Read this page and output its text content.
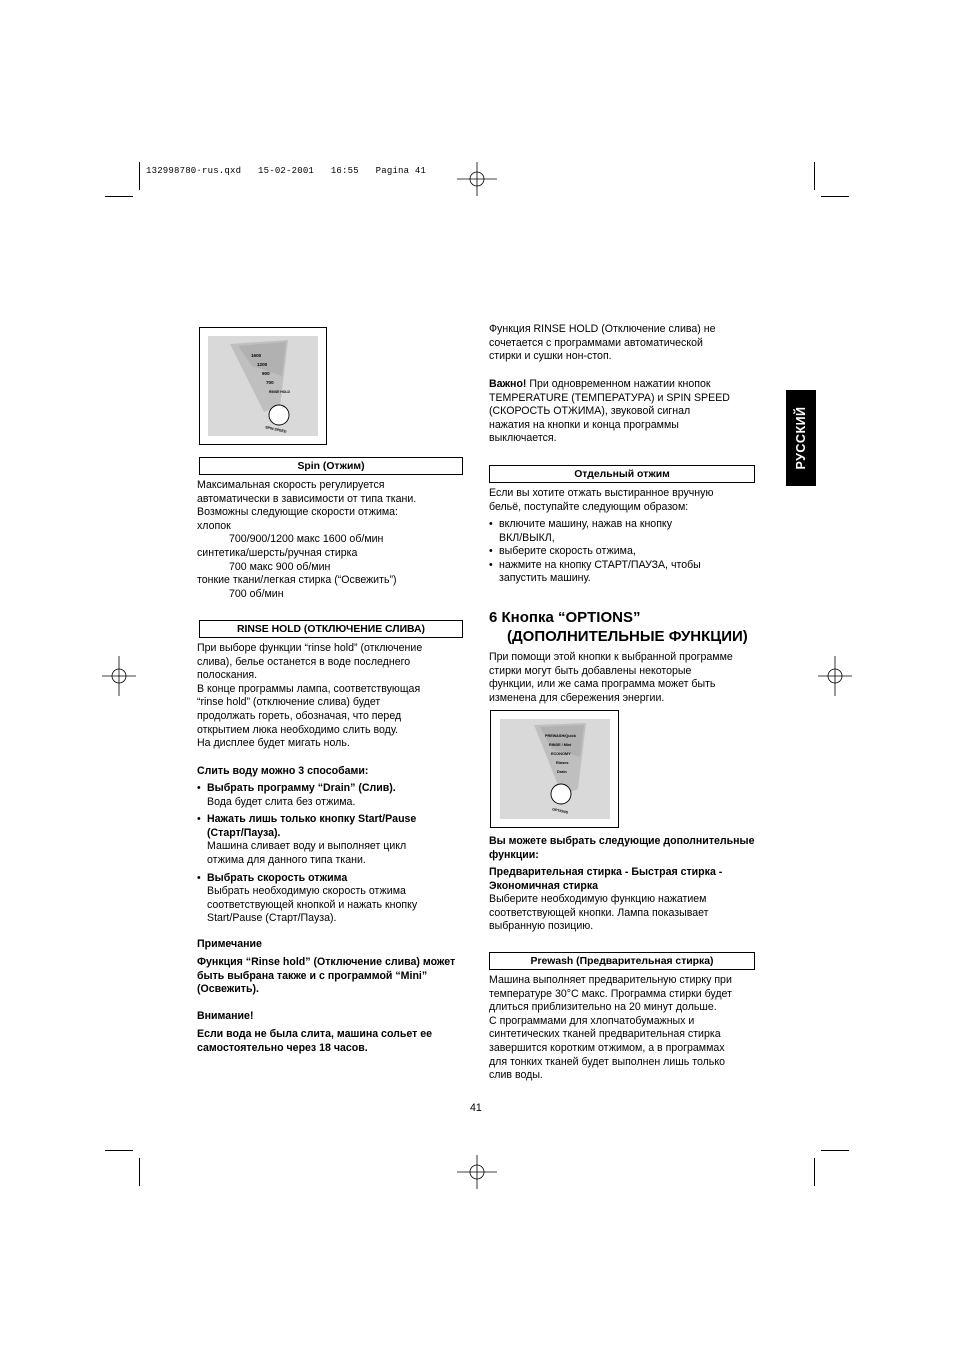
132998780·rus.qxd   15-02-2001   16:55   Pagina 41
РУССКИЙ
1600
1200
900
700
RINSE HOLD
SPIN SPEED
Spin (Отжим)

Максимальная скорость регулируется

автоматически в зависимости от типа ткани.

Возможны следующие скорости отжима:

хлопок

700/900/1200 макс 1600 об/мин

синтетика/шерсть/ручная стирка

700 макс 900 об/мин

тонкие ткани/легкая стирка (“Освежить”)

700 об/мин

RINSE HOLD (ОТКЛЮЧЕНИЕ СЛИВА)

При выборе функции “rinse hold” (отключение

слива), белье останется в воде последнего

полоскания.

В конце программы лампа, соответствующая

“rinse hold” (отключение слива) будет

продолжать гореть, обозначая, что перед

открытием люка необходимо слить воду.

На дисплее будет мигать ноль.

Слить воду можно 3 способами:
• Выбрать программу “Drain” (Слив).
Вода будет слита без отжима.
• Нажать лишь только кнопку Start/Pause
(Старт/Пауза).
Машина сливает воду и выполняет цикл
отжима для данного типа ткани.
• Выбрать скорость отжима
Выбрать необходимую скорость отжима
соответствующей кнопкой и нажать кнопку
Start/Pause (Старт/Пауза).
Примечание

Функция “Rinse hold” (Отключение слива) может

быть выбрана также и с программой “Mini”

(Освежить).

Внимание!

Если вода не была слита, машина сольет ее

самостоятельно через 18 часов.

Функция RINSE HOLD (Отключение слива) не

сочетается с программами автоматической

стирки и сушки нон-стоп.

Важно! При одновременном нажатии кнопок

TEMPERATURE (ТЕМПЕРАТУРА) и SPIN SPEED

(СКОРОСТЬ ОТЖИМА), звуковой сигнал

нажатия на кнопки и конца программы

выключается.

Отдельный отжим

Если вы хотите отжать выстиранное вручную

бельё, поступайте следующим образом:

• включите машину, нажав на кнопку
ВКЛ/ВЫКЛ,
• выберите скорость отжима,
• нажмите на кнопку СТАРТ/ПАУЗА, чтобы
запустить машину.
6 Кнопка “OPTIONS”
(ДОПОЛНИТЕЛЬНЫЕ ФУНКЦИИ)

При помощи этой кнопки к выбранной программе

стирки могут быть добавлены некоторые

функции, или же сама программа может быть

изменена для сбережения энергии.

PREWASH/Quick
RINSE / Mini
ECONOMY
Rinses
Drain
OPTIONS

Вы можете выбрать следующие дополнительные

функции:

Предварительная стирка - Быстрая стирка -

Экономичная стирка

Выберите необходимую функцию нажатием

соответствующей кнопки. Лампа показывает

выбранную позицию.

Prewash (Предварительная стирка)

Машина выполняет предварительную стирку при

температуре 30°С макс. Программа стирки будет

длиться приблизительно на 20 минут дольше.

С программами для хлопчатобумажных и

синтетических тканей предварительная стирка

завершится коротким отжимом, а в программах

для тонких тканей будет выполнен лишь только

слив воды.

41
